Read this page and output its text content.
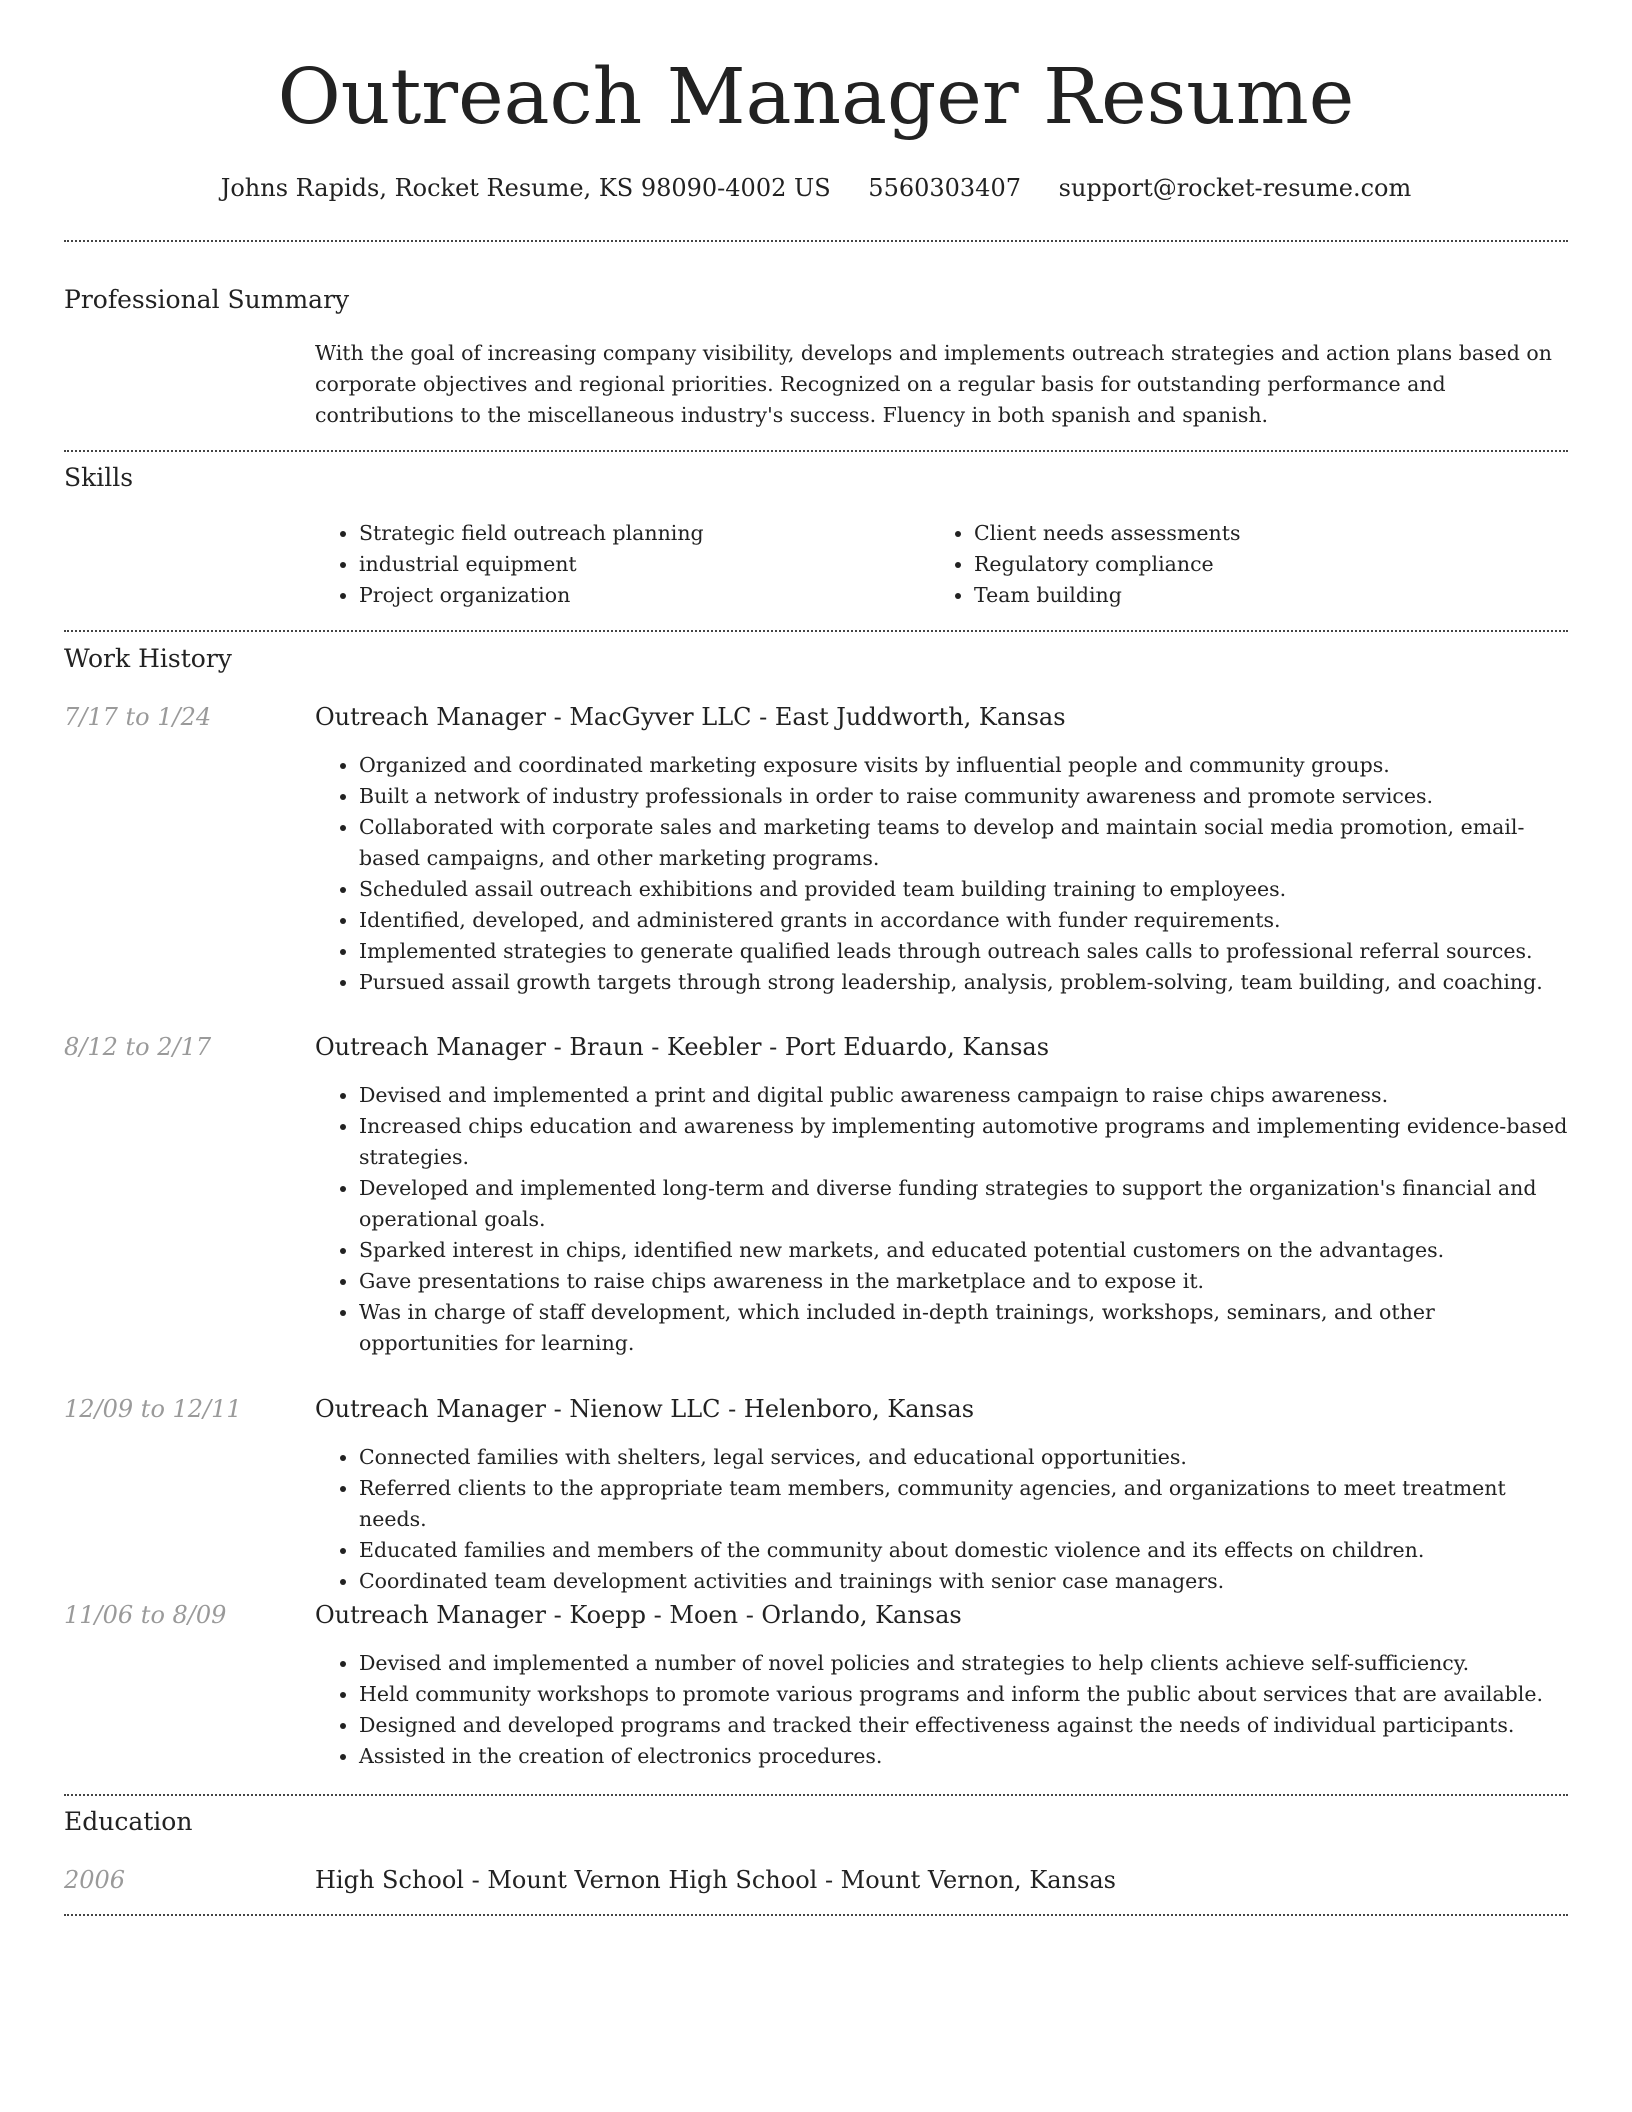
Outreach Manager Resume
Johns Rapids, Rocket Resume, KS 98090-4002 US 5560303407 support@rocket-resume.com
Professional Summary

With the goal of increasing company visibility, develops and implements outreach strategies and action plans based on corporate objectives and regional priorities. Recognized on a regular basis for outstanding performance and contributions to the miscellaneous industry's success. Fluency in both spanish and spanish.

Skills
• Strategic field outreach planning
• industrial equipment
• Project organization
• Client needs assessments
• Regulatory compliance
• Team building
Work History
7/17 to 1/24	Outreach Manager - MacGyver LLC - East Juddworth, Kansas
• Organized and coordinated marketing exposure visits by influential people and community groups.
• Built a network of industry professionals in order to raise community awareness and promote services.
• Collaborated with corporate sales and marketing teams to develop and maintain social media promotion, email-based campaigns, and other marketing programs.
• Scheduled assail outreach exhibitions and provided team building training to employees.
• Identified, developed, and administered grants in accordance with funder requirements.
• Implemented strategies to generate qualified leads through outreach sales calls to professional referral sources.
• Pursued assail growth targets through strong leadership, analysis, problem-solving, team building, and coaching.
8/12 to 2/17	Outreach Manager - Braun - Keebler - Port Eduardo, Kansas
• Devised and implemented a print and digital public awareness campaign to raise chips awareness.
• Increased chips education and awareness by implementing automotive programs and implementing evidence-based strategies.
• Developed and implemented long-term and diverse funding strategies to support the organization's financial and operational goals.
• Sparked interest in chips, identified new markets, and educated potential customers on the advantages.
• Gave presentations to raise chips awareness in the marketplace and to expose it.
• Was in charge of staff development, which included in-depth trainings, workshops, seminars, and other opportunities for learning.
12/09 to 12/11	Outreach Manager - Nienow LLC - Helenboro, Kansas
• Connected families with shelters, legal services, and educational opportunities.
• Referred clients to the appropriate team members, community agencies, and organizations to meet treatment needs.
• Educated families and members of the community about domestic violence and its effects on children.
• Coordinated team development activities and trainings with senior case managers.
11/06 to 8/09	Outreach Manager - Koepp - Moen - Orlando, Kansas
• Devised and implemented a number of novel policies and strategies to help clients achieve self-sufficiency.
• Held community workshops to promote various programs and inform the public about services that are available.
• Designed and developed programs and tracked their effectiveness against the needs of individual participants.
• Assisted in the creation of electronics procedures.
Education
2006	High School - Mount Vernon High School - Mount Vernon, Kansas
